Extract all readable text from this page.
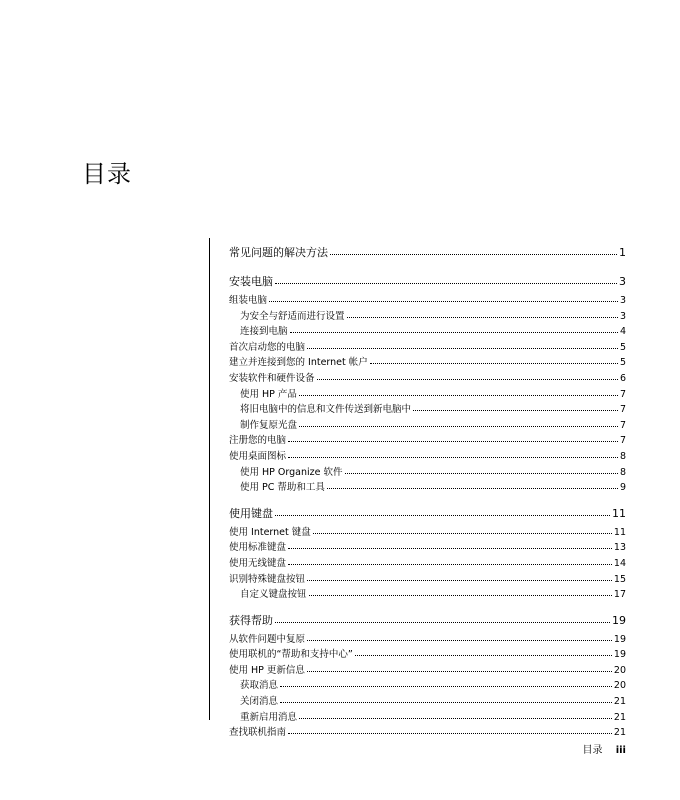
目录
常见问题的解决方法	1
安装电脑	3
组装电脑	3
为安全与舒适而进行设置	3
连接到电脑	4
首次启动您的电脑	5
建立并连接到您的 Internet 帐户	5
安装软件和硬件设备	6
使用 HP 产品	7
将旧电脑中的信息和文件传送到新电脑中	7
制作复原光盘	7
注册您的电脑	7
使用桌面图标	8
使用 HP Organize 软件	8
使用 PC 帮助和工具	9
使用键盘	11
使用 Internet 键盘	11
使用标准键盘	13
使用无线键盘	14
识别特殊键盘按钮	15
自定义键盘按钮	17
获得帮助	19
从软件问题中复原	19
使用联机的“帮助和支持中心”	19
使用 HP 更新信息	20
获取消息	20
关闭消息	21
重新启用消息	21
查找联机指南	21
目录 iii
